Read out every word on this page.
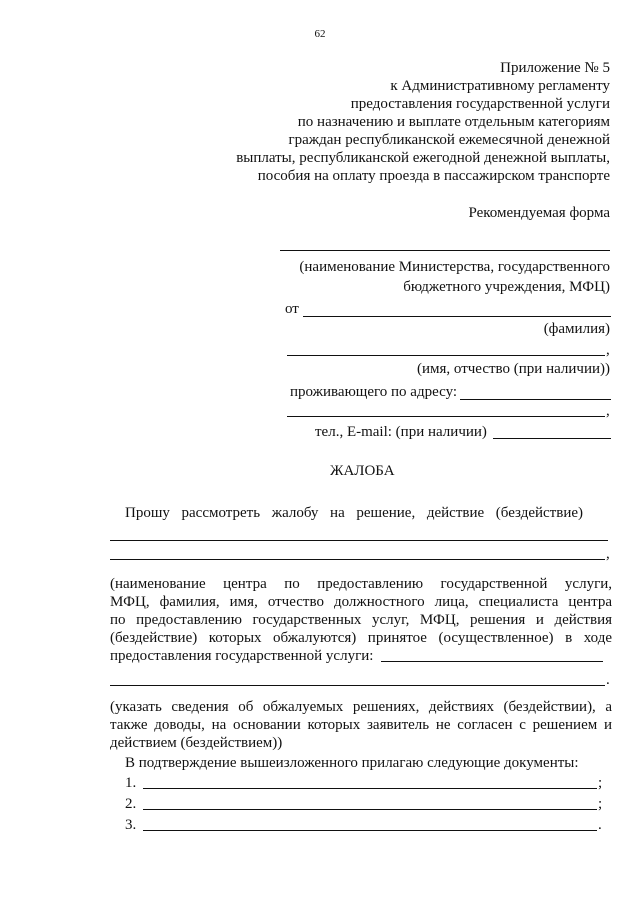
62
Приложение № 5
к Административному регламенту
предоставления государственной услуги
по назначению и выплате отдельным категориям
граждан республиканской ежемесячной денежной
выплаты, республиканской ежегодной денежной выплаты,
пособия на оплату проезда в пассажирском транспорте
Рекомендуемая форма
(наименование Министерства, государственного
бюджетного учреждения, МФЦ)
от
(фамилия)
,
(имя, отчество (при наличии))
проживающего по адресу:
,
тел., E-mail: (при наличии)
ЖАЛОБА
Прошу рассмотреть жалобу на решение, действие (бездействие)
,
(наименование центра по предоставлению государственной услуги,
МФЦ, фамилия, имя, отчество должностного лица, специалиста центра
по предоставлению государственных услуг, МФЦ, решения и действия
(бездействие) которых обжалуются) принятое (осуществленное) в ходе
предоставления государственной услуги:
.
(указать сведения об обжалуемых решениях, действиях (бездействии), а
также доводы, на основании которых заявитель не согласен с решением и
действием (бездействием))
В подтверждение вышеизложенного прилагаю следующие документы:
1.	;
2.	;
3.	.
